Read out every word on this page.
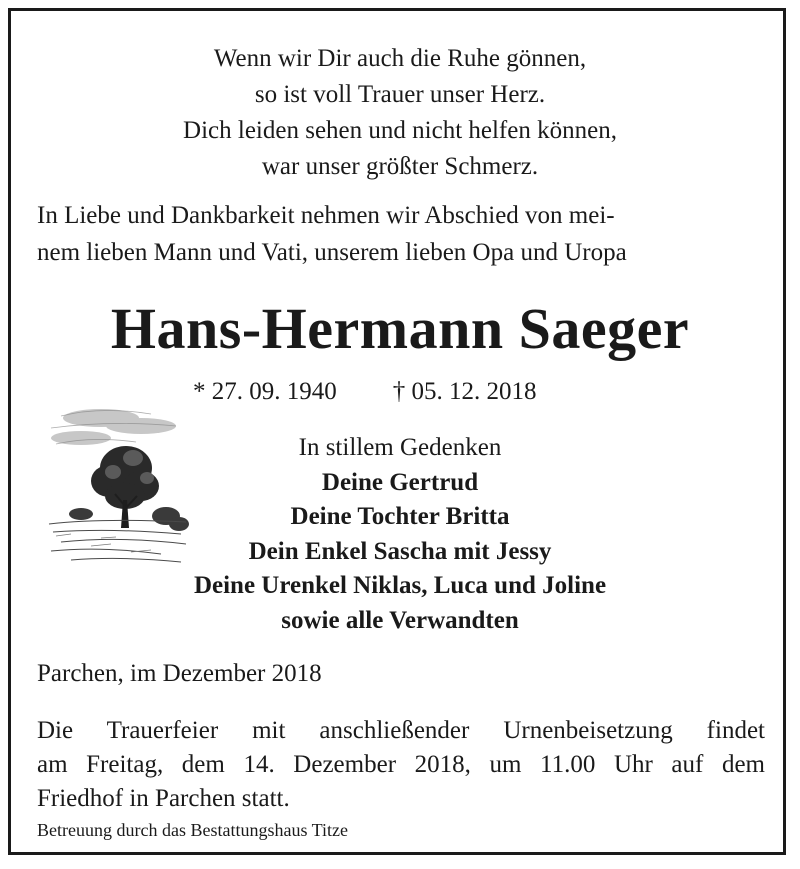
Wenn wir Dir auch die Ruhe gönnen,
so ist voll Trauer unser Herz.
Dich leiden sehen und nicht helfen können,
war unser größter Schmerz.
In Liebe und Dankbarkeit nehmen wir Abschied von mei-
nem lieben Mann und Vati, unserem lieben Opa und Uropa
Hans-Hermann Saeger
* 27. 09. 1940 † 05. 12. 2018
In stillem Gedenken
Deine Gertrud
Deine Tochter Britta
Dein Enkel Sascha mit Jessy
Deine Urenkel Niklas, Luca und Joline
sowie alle Verwandten
Parchen, im Dezember 2018
Die Trauerfeier mit anschließender Urnenbeisetzung findet
am Freitag, dem 14. Dezember 2018, um 11.00 Uhr auf dem
Friedhof in Parchen statt.
Betreuung durch das Bestattungshaus Titze
